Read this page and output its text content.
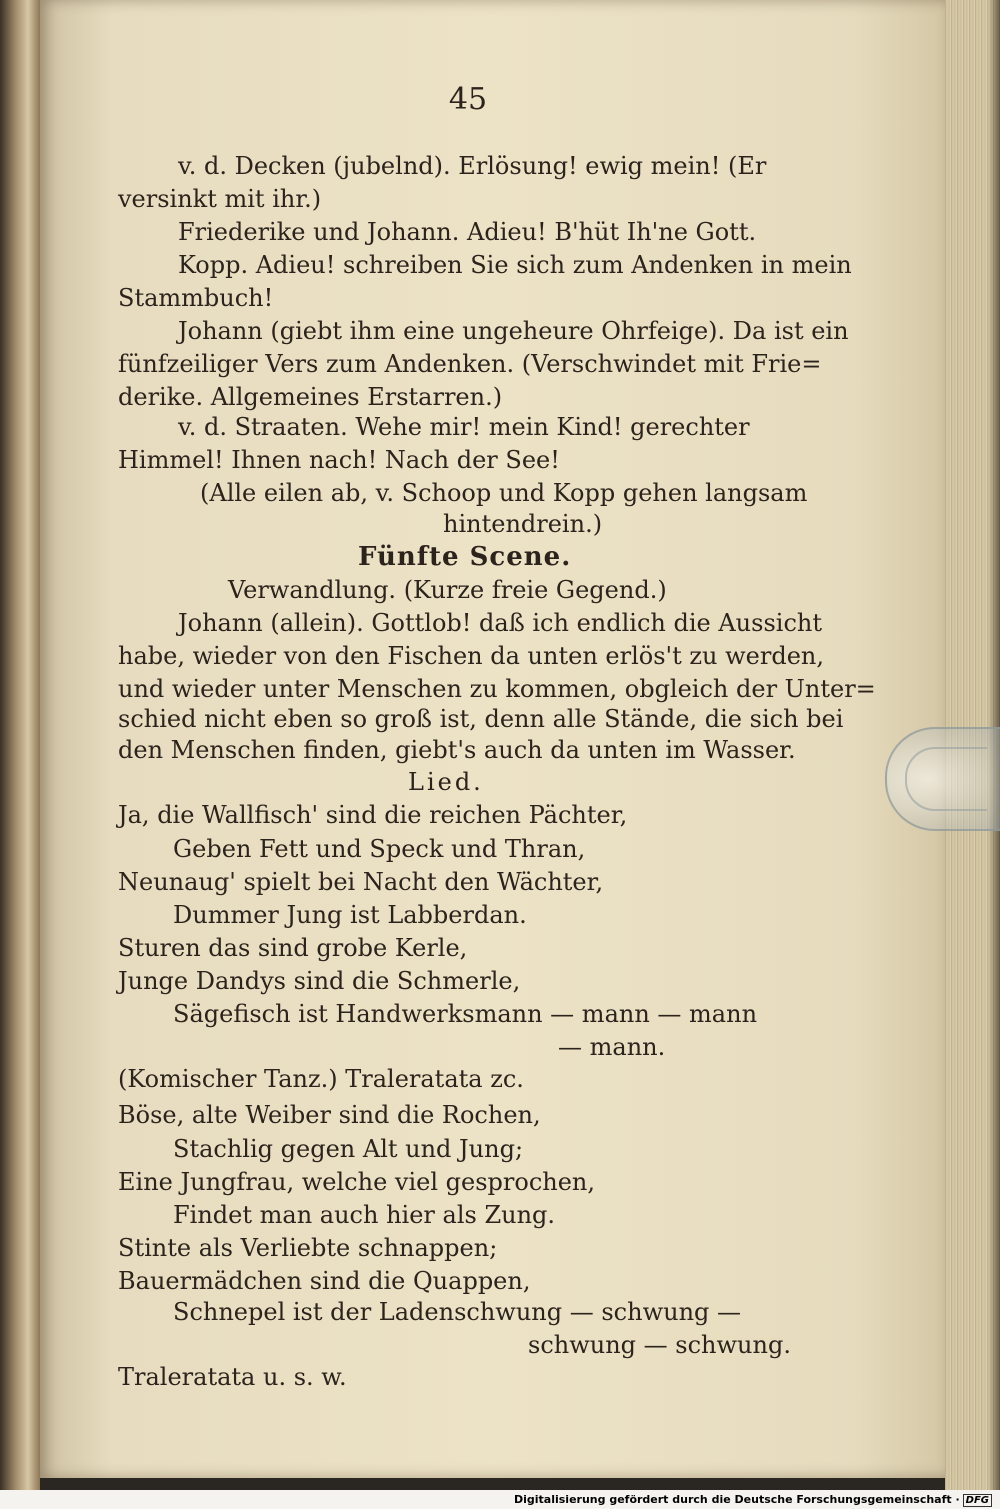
45
v. d. Decken (jubelnd). Erlösung! ewig mein! (Er
versinkt mit ihr.)
Friederike und Johann. Adieu! B'hüt Ih'ne Gott.
Kopp. Adieu! schreiben Sie sich zum Andenken in mein
Stammbuch!
Johann (giebt ihm eine ungeheure Ohrfeige). Da ist ein
fünfzeiliger Vers zum Andenken. (Verschwindet mit Frie=
derike. Allgemeines Erstarren.)
v. d. Straaten. Wehe mir! mein Kind! gerechter
Himmel! Ihnen nach! Nach der See!
(Alle eilen ab, v. Schoop und Kopp gehen langsam
hintendrein.)
Fünfte Scene.
Verwandlung. (Kurze freie Gegend.)
Johann (allein). Gottlob! daß ich endlich die Aussicht
habe, wieder von den Fischen da unten erlös't zu werden,
und wieder unter Menschen zu kommen, obgleich der Unter=
schied nicht eben so groß ist, denn alle Stände, die sich bei
den Menschen finden, giebt's auch da unten im Wasser.
Lied.
Ja, die Wallfisch' sind die reichen Pächter,
Geben Fett und Speck und Thran,
Neunaug' spielt bei Nacht den Wächter,
Dummer Jung ist Labberdan.
Sturen das sind grobe Kerle,
Junge Dandys sind die Schmerle,
Sägefisch ist Handwerksmann — mann — mann
— mann.
(Komischer Tanz.) Traleratata zc.
Böse, alte Weiber sind die Rochen,
Stachlig gegen Alt und Jung;
Eine Jungfrau, welche viel gesprochen,
Findet man auch hier als Zung.
Stinte als Verliebte schnappen;
Bauermädchen sind die Quappen,
Schnepel ist der Ladenschwung — schwung —
schwung — schwung.
Traleratata u. s. w.
Digitalisierung gefördert durch die Deutsche Forschungsgemeinschaft · DFG
